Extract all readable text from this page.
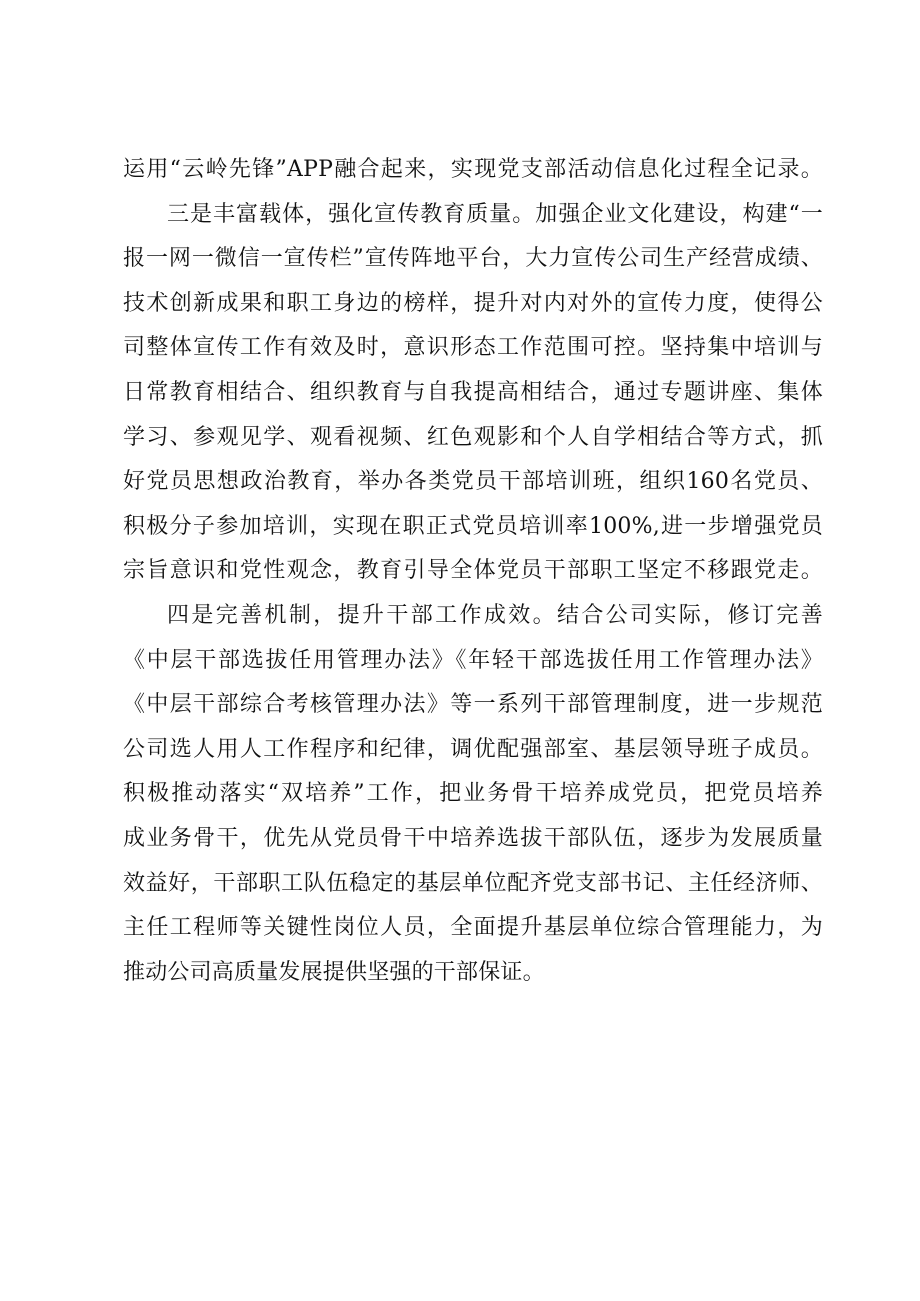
运用“云岭先锋”APP融合起来，实现党支部活动信息化过程全记录。
三是丰富载体，强化宣传教育质量。加强企业文化建设，构建“一
报一网一微信一宣传栏”宣传阵地平台，大力宣传公司生产经营成绩、
技术创新成果和职工身边的榜样，提升对内对外的宣传力度，使得公
司整体宣传工作有效及时，意识形态工作范围可控。坚持集中培训与
日常教育相结合、组织教育与自我提高相结合，通过专题讲座、集体
学习、参观见学、观看视频、红色观影和个人自学相结合等方式，抓
好党员思想政治教育，举办各类党员干部培训班，组织160名党员、
积极分子参加培训，实现在职正式党员培训率100%,进一步增强党员
宗旨意识和党性观念，教育引导全体党员干部职工坚定不移跟党走。
四是完善机制，提升干部工作成效。结合公司实际，修订完善
《中层干部选拔任用管理办法》《年轻干部选拔任用工作管理办法》
《中层干部综合考核管理办法》等一系列干部管理制度，进一步规范
公司选人用人工作程序和纪律，调优配强部室、基层领导班子成员。
积极推动落实“双培养”工作，把业务骨干培养成党员，把党员培养
成业务骨干，优先从党员骨干中培养选拔干部队伍，逐步为发展质量
效益好，干部职工队伍稳定的基层单位配齐党支部书记、主任经济师、
主任工程师等关键性岗位人员，全面提升基层单位综合管理能力，为
推动公司高质量发展提供坚强的干部保证。
